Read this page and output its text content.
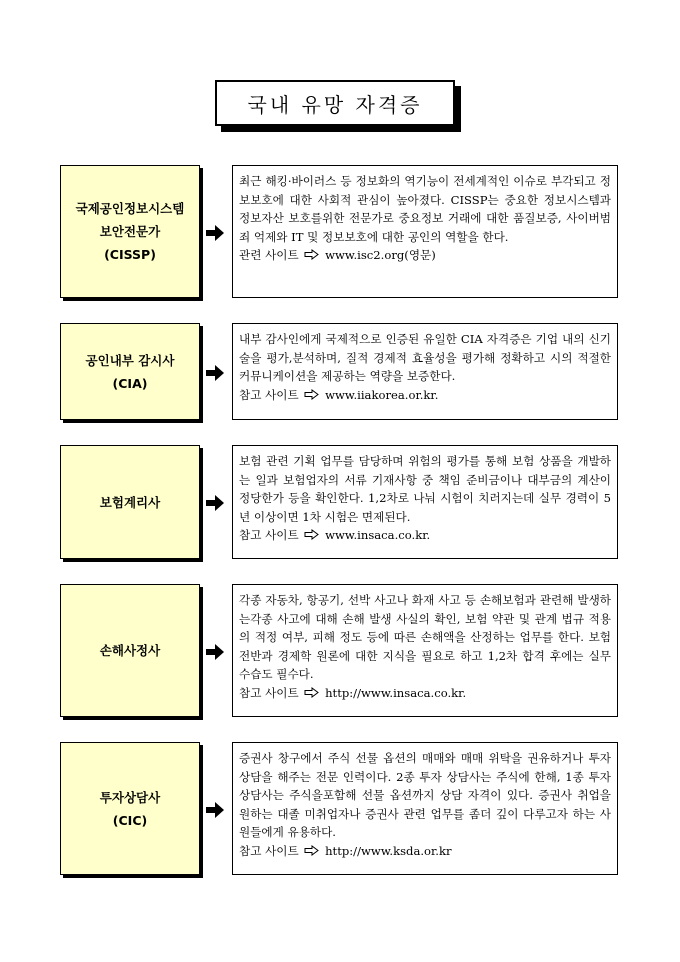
국내 유망 자격증
국제공인정보시스템
보안전문가
(CISSP)

최근 해킹·바이러스 등 정보화의 역기능이 전세계적인 이슈로 부각되고 정보보호에 대한 사회적 관심이 높아졌다. CISSP는 중요한 정보시스템과 정보자산 보호를위한 전문가로 중요정보 거래에 대한 품질보증, 사이버범죄 억제와 IT 및 정보보호에 대한 공인의 역할을 한다.

관련 사이트 www.isc2.org(영문)

공인내부 감시사
(CIA)

내부 감사인에게 국제적으로 인증된 유일한 CIA 자격증은 기업 내의 신기술을 평가,분석하며, 질적 경제적 효율성을 평가해 정확하고 시의 적절한 커뮤니케이션을 제공하는 역량을 보증한다.

참고 사이트 www.iiakorea.or.kr.

보험계리사

보험 관련 기획 업무를 담당하며 위험의 평가를 통해 보험 상품을 개발하는 일과 보험업자의 서류 기재사항 중 책임 준비금이나 대부금의 계산이 정당한가 등을 확인한다. 1,2차로 나눠 시험이 치러지는데 실무 경력이 5년 이상이면 1차 시험은 면제된다.

참고 사이트 www.insaca.co.kr.

손해사정사

각종 자동차, 항공기, 선박 사고나 화재 사고 등 손해보험과 관련해 발생하는각종 사고에 대해 손해 발생 사실의 확인, 보험 약관 및 관계 법규 적용의 적정 여부, 피해 정도 등에 따른 손해액을 산정하는 업무를 한다. 보험 전반과 경제학 원론에 대한 지식을 필요로 하고 1,2차 합격 후에는 실무 수습도 필수다.

참고 사이트 http://www.insaca.co.kr.

투자상담사
(CIC)

증권사 창구에서 주식 선물 옵션의 매매와 매매 위탁을 권유하거나 투자 상담을 해주는 전문 인력이다. 2종 투자 상담사는 주식에 한해, 1종 투자 상담사는 주식을포함해 선물 옵션까지 상담 자격이 있다. 증권사 취업을 원하는 대졸 미취업자나 증권사 관련 업무를 좀더 깊이 다루고자 하는 사원들에게 유용하다.

참고 사이트 http://www.ksda.or.kr
